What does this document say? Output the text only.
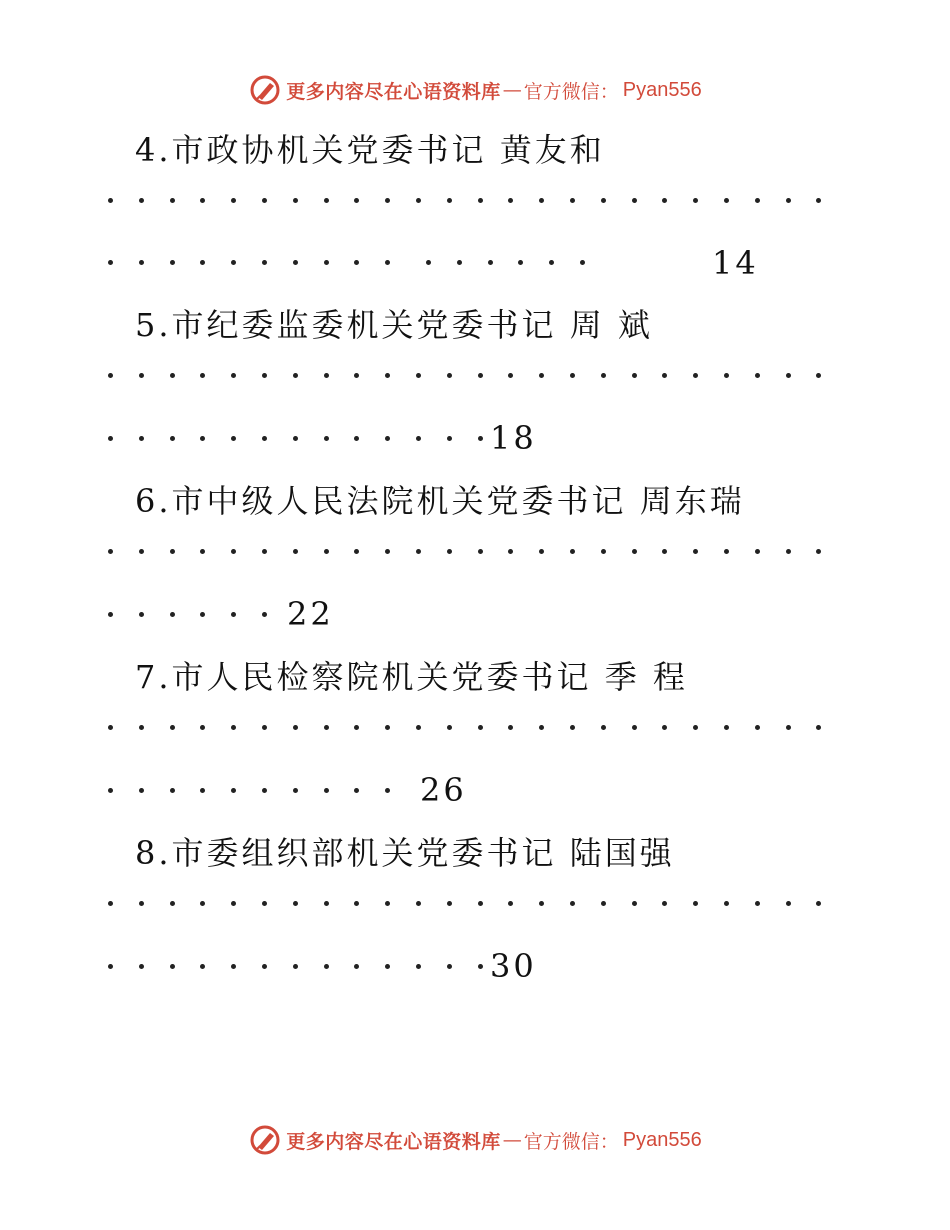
更多内容尽在心语资料库 — 官方微信： Pyan556
4.市政协机关党委书记 黄友和
14
5.市纪委监委机关党委书记 周 斌
18
6.市中级人民法院机关党委书记 周东瑞
22
7.市人民检察院机关党委书记 季 程
26
8.市委组织部机关党委书记 陆国强
30
更多内容尽在心语资料库 — 官方微信： Pyan556
